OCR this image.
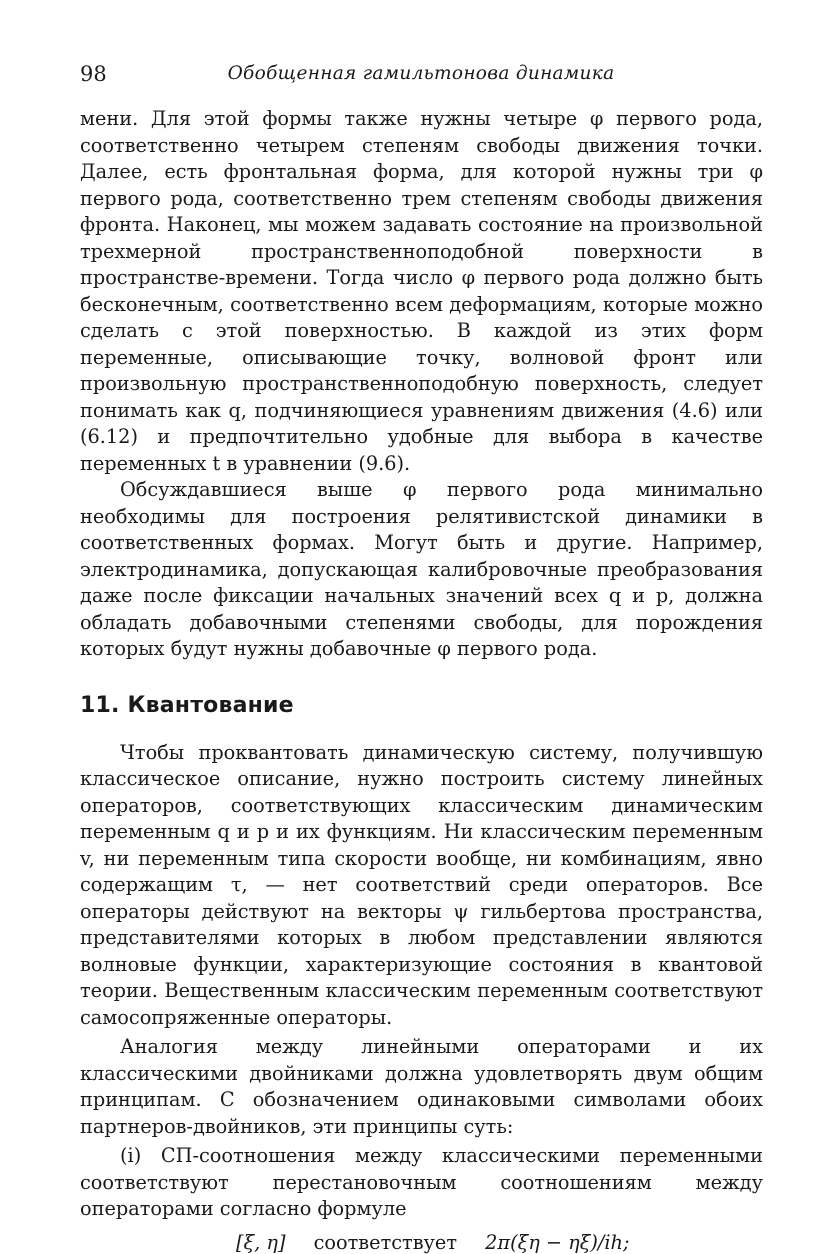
98	Обобщенная гамильтонова динамика

мени. Для этой формы также нужны четыре φ первого рода, соответственно четырем степеням свободы движения точки. Далее, есть фронтальная форма, для которой нужны три φ первого рода, соответственно трем степеням свободы движения фронта. Наконец, мы можем задавать состояние на произвольной трехмерной пространственноподобной поверхности в пространстве-времени. Тогда число φ первого рода должно быть бесконечным, соответственно всем деформациям, которые можно сделать с этой поверхностью. В каждой из этих форм переменные, описывающие точку, волновой фронт или произвольную пространственноподобную поверхность, следует понимать как q, подчиняющиеся уравнениям движения (4.6) или (6.12) и предпочтительно удобные для выбора в качестве переменных t в уравнении (9.6).

Обсуждавшиеся выше φ первого рода минимально необходимы для построения релятивистской динамики в соответственных формах. Могут быть и другие. Например, электродинамика, допускающая калибровочные преобразования даже после фиксации начальных значений всех q и p, должна обладать добавочными степенями свободы, для порождения которых будут нужны добавочные φ первого рода.

11. Квантование

Чтобы проквантовать динамическую систему, получившую классическое описание, нужно построить систему линейных операторов, соответствующих классическим динамическим переменным q и p и их функциям. Ни классическим переменным v, ни переменным типа скорости вообще, ни комбинациям, явно содержащим τ, — нет соответствий среди операторов. Все операторы действуют на векторы ψ гильбертова пространства, представителями которых в любом представлении являются волновые функции, характеризующие состояния в квантовой теории. Вещественным классическим переменным соответствуют самосопряженные операторы.

Аналогия между линейными операторами и их классическими двойниками должна удовлетворять двум общим принципам. С обозначением одинаковыми символами обоих партнеров-двойников, эти принципы суть:

(i) СП-соотношения между классическими переменными соответствуют перестановочным соотношениям между операторами согласно формуле

[ξ, η] соответствует 2π(ξη − ηξ)/ih;
